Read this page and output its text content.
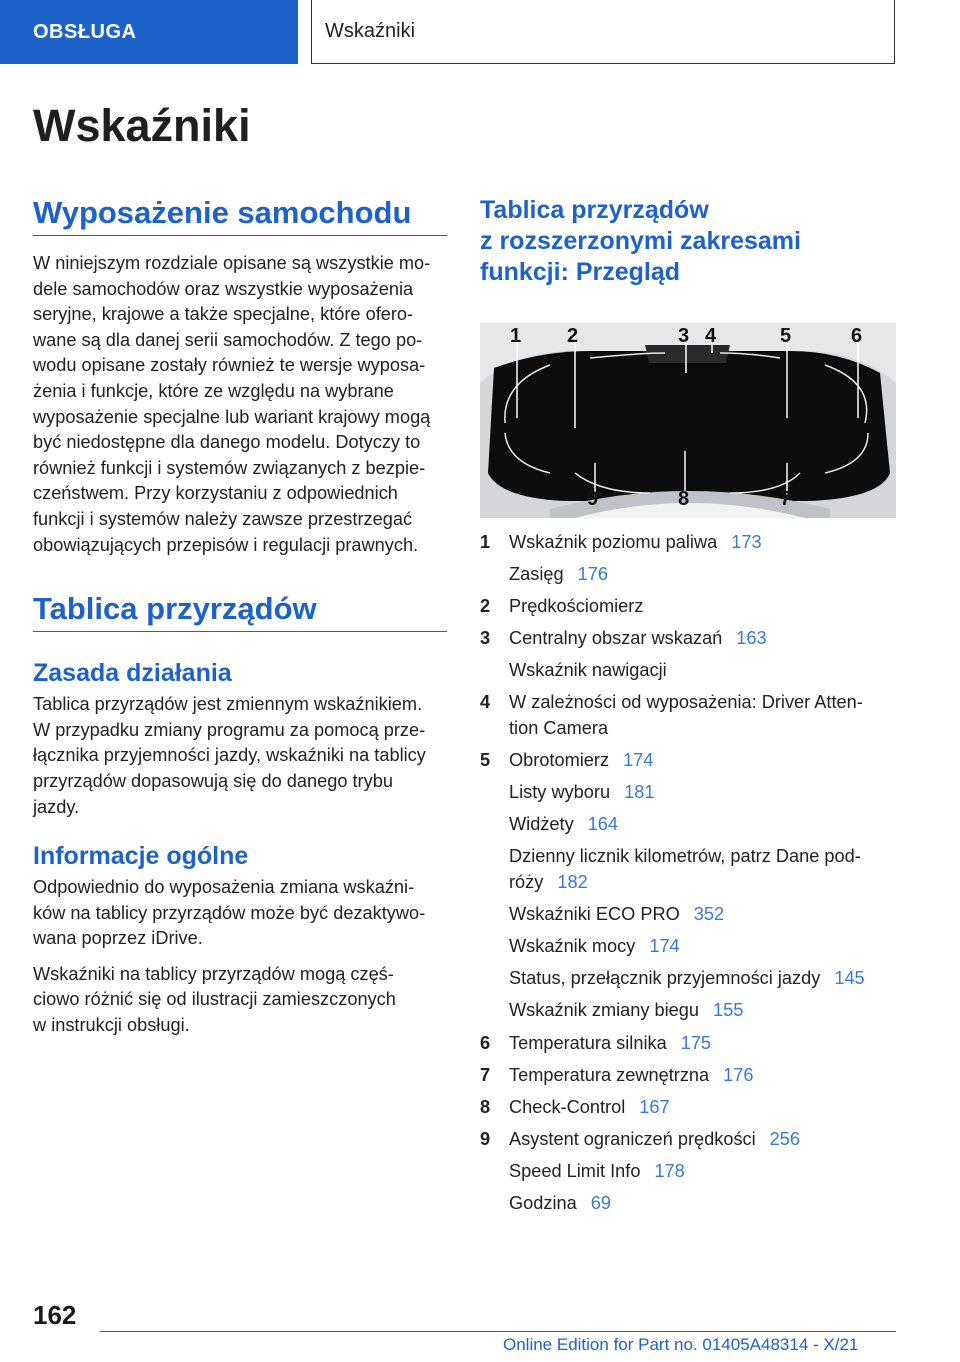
OBSŁUGA	Wskaźniki
Wskaźniki
Wyposażenie samochodu

W niniejszym rozdziale opisane są wszystkie mo-
dele samochodów oraz wszystkie wyposażenia
seryjne, krajowe a także specjalne, które ofero-
wane są dla danej serii samochodów. Z tego po-
wodu opisane zostały również te wersje wyposa-
żenia i funkcje, które ze względu na wybrane
wyposażenie specjalne lub wariant krajowy mogą
być niedostępne dla danego modelu. Dotyczy to
również funkcji i systemów związanych z bezpie-
czeństwem. Przy korzystaniu z odpowiednich
funkcji i systemów należy zawsze przestrzegać
obowiązujących przepisów i regulacji prawnych.

Tablica przyrządów
Zasada działania

Tablica przyrządów jest zmiennym wskaźnikiem.
W przypadku zmiany programu za pomocą prze-
łącznika przyjemności jazdy, wskaźniki na tablicy
przyrządów dopasowują się do danego trybu
jazdy.

Informacje ogólne

Odpowiednio do wyposażenia zmiana wskaźni-
ków na tablicy przyrządów może być dezaktywo-
wana poprzez iDrive.

Wskaźniki na tablicy przyrządów mogą częś-
ciowo różnić się od ilustracji zamieszczonych
w instrukcji obsługi.

Tablica przyrządów
z rozszerzonymi zakresami
funkcji: Przegląd
1 2	3 4	5	6
9	8	7
1	Wskaźnik poziomu paliwa 173
Zasięg 176
2	Prędkościomierz
3	Centralny obszar wskazań 163
Wskaźnik nawigacji
4	W zależności od wyposażenia: Driver Atten- tion Camera
5	Obrotomierz 174
Listy wyboru 181
Widżety 164
Dzienny licznik kilometrów, patrz Dane pod- róży 182
Wskaźniki ECO PRO 352
Wskaźnik mocy 174
Status, przełącznik przyjemności jazdy 145
Wskaźnik zmiany biegu 155
6	Temperatura silnika 175
7	Temperatura zewnętrzna 176
8	Check-Control 167
9	Asystent ograniczeń prędkości 256
Speed Limit Info 178
Godzina 69
162
Online Edition for Part no. 01405A48314 - X/21
